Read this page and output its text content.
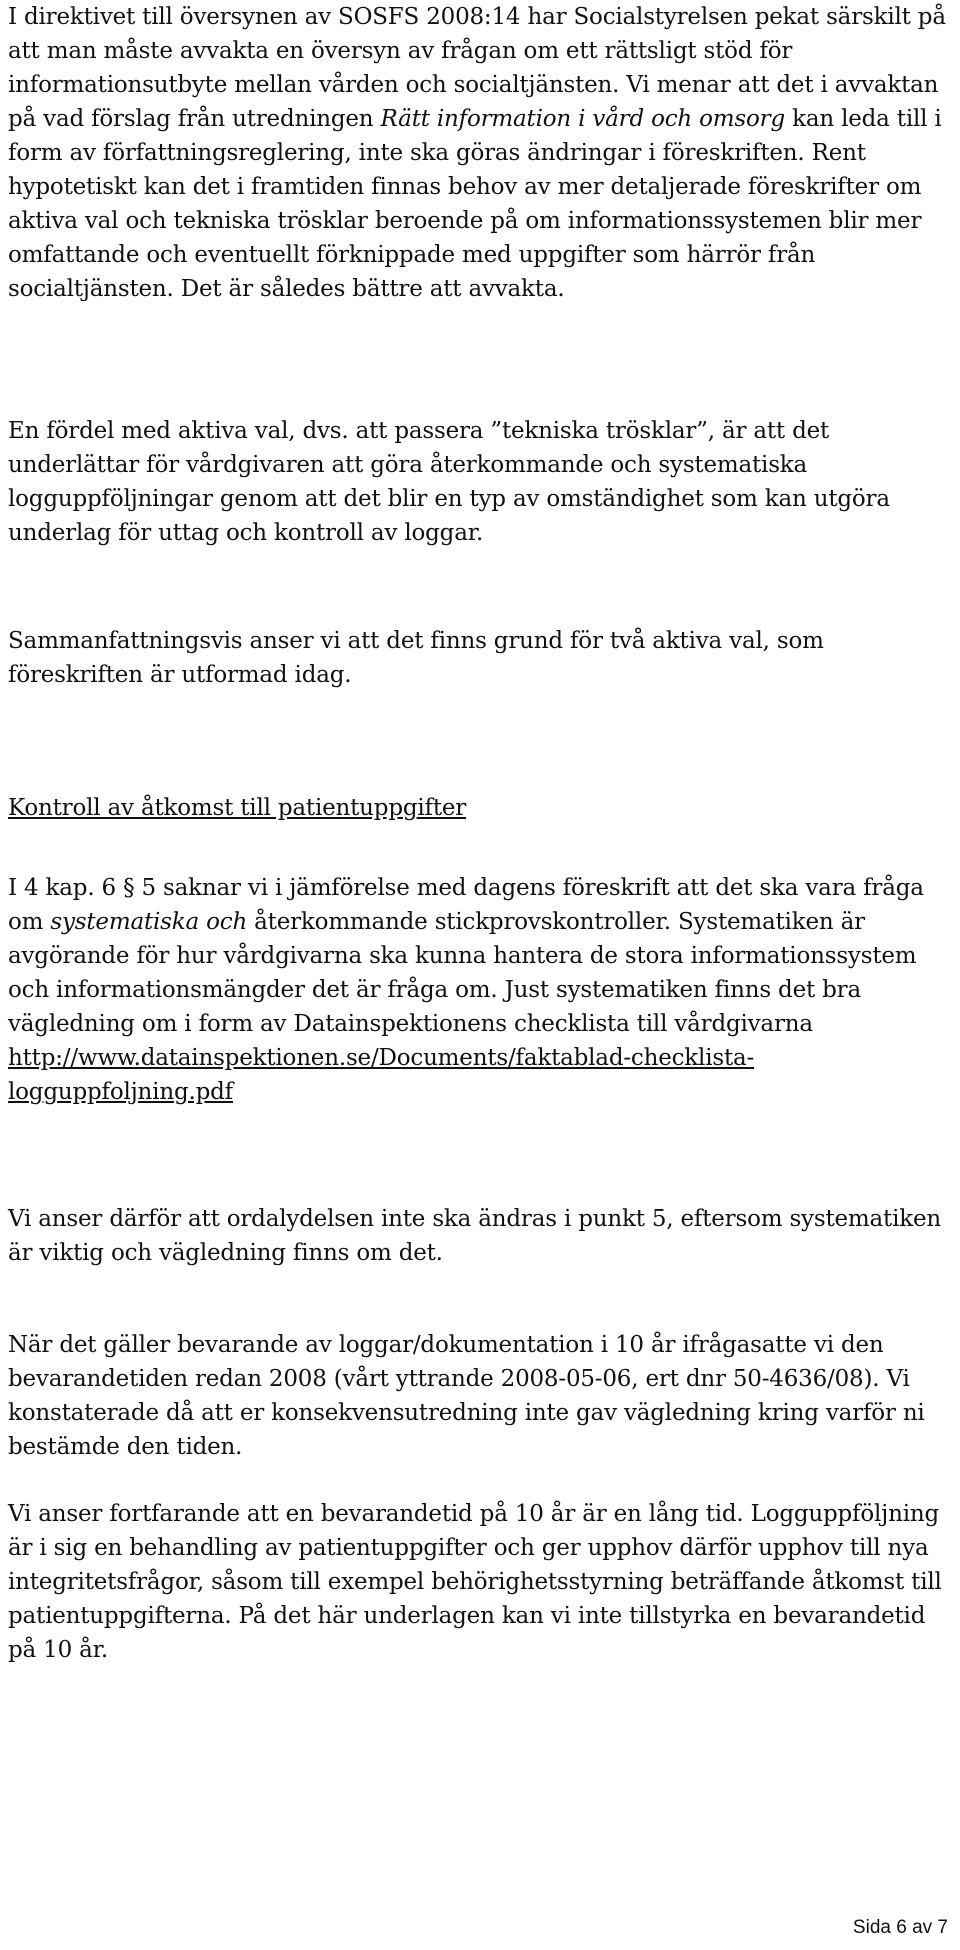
I direktivet till översynen av SOSFS 2008:14 har Socialstyrelsen pekat särskilt på att man måste avvakta en översyn av frågan om ett rättsligt stöd för informationsutbyte mellan vården och socialtjänsten. Vi menar att det i avvaktan på vad förslag från utredningen Rätt information i vård och omsorg kan leda till i form av författningsreglering, inte ska göras ändringar i föreskriften. Rent hypotetiskt kan det i framtiden finnas behov av mer detaljerade föreskrifter om aktiva val och tekniska trösklar beroende på om informationssystemen blir mer omfattande och eventuellt förknippade med uppgifter som härrör från socialtjänsten. Det är således bättre att avvakta.

En fördel med aktiva val, dvs. att passera ”tekniska trösklar”, är att det underlättar för vårdgivaren att göra återkommande och systematiska logguppföljningar genom att det blir en typ av omständighet som kan utgöra underlag för uttag och kontroll av loggar.

Sammanfattningsvis anser vi att det finns grund för två aktiva val, som föreskriften är utformad idag.

Kontroll av åtkomst till patientuppgifter

I 4 kap. 6 § 5 saknar vi i jämförelse med dagens föreskrift att det ska vara fråga om systematiska och återkommande stickprovskontroller. Systematiken är avgörande för hur vårdgivarna ska kunna hantera de stora informationssystem och informationsmängder det är fråga om. Just systematiken finns det bra vägledning om i form av Datainspektionens checklista till vårdgivarna http://www.datainspektionen.se/Documents/faktablad-checklista-
logguppfoljning.pdf

Vi anser därför att ordalydelsen inte ska ändras i punkt 5, eftersom systematiken är viktig och vägledning finns om det.

När det gäller bevarande av loggar/dokumentation i 10 år ifrågasatte vi den bevarandetiden redan 2008 (vårt yttrande 2008-05-06, ert dnr 50-4636/08). Vi konstaterade då att er konsekvensutredning inte gav vägledning kring varför ni bestämde den tiden.

Vi anser fortfarande att en bevarandetid på 10 år är en lång tid. Logguppföljning är i sig en behandling av patientuppgifter och ger upphov därför upphov till nya integritetsfrågor, såsom till exempel behörighetsstyrning beträffande åtkomst till patientuppgifterna. På det här underlagen kan vi inte tillstyrka en bevarandetid på 10 år.

Sida 6 av 7
